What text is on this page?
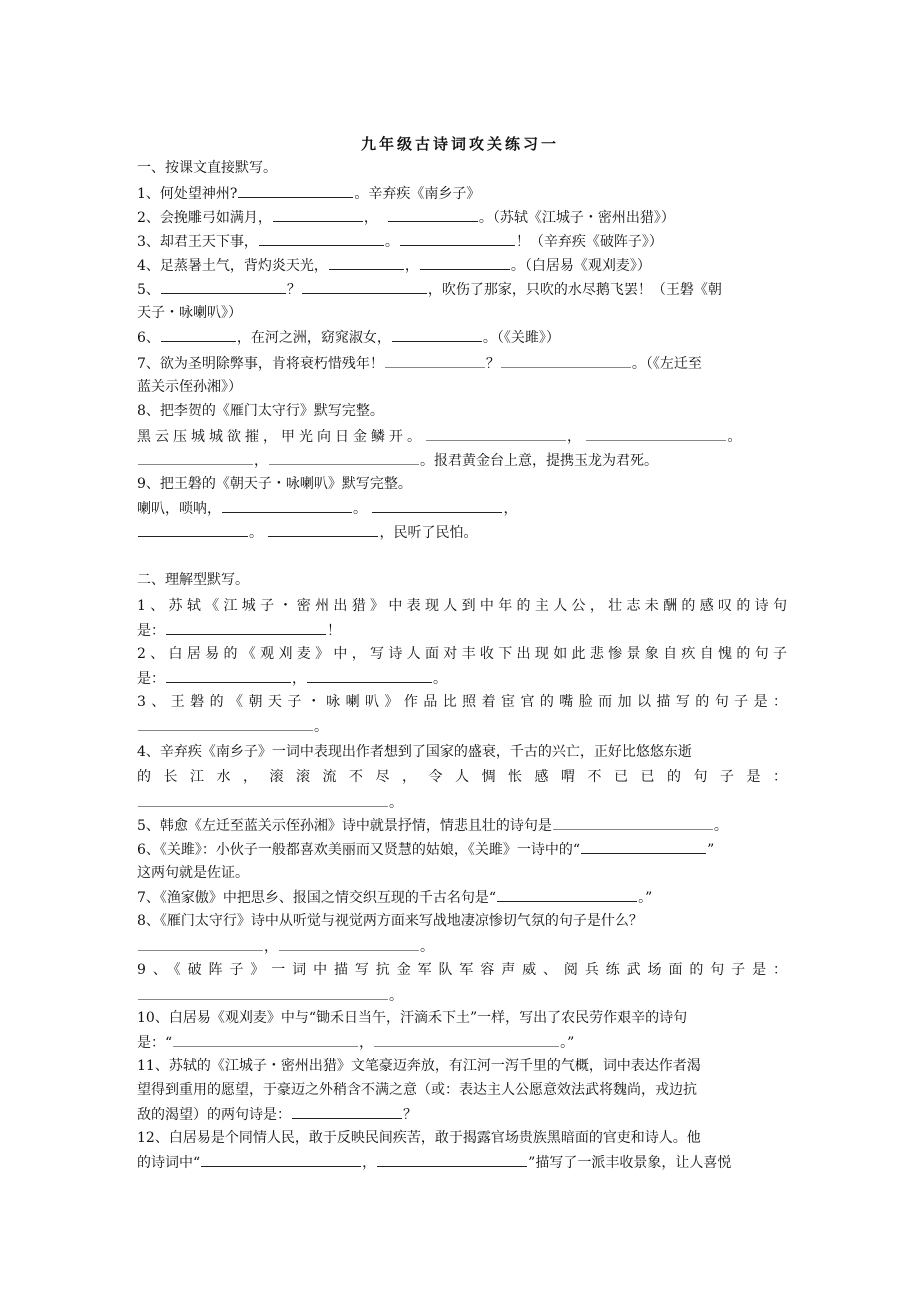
九年级古诗词攻关练习一
一、按课文直接默写。
1、何处望神州?	。辛弃疾《南乡子》
2、会挽雕弓如满月，	，	。（苏轼《江城子・密州出猎》）
3、却君王天下事，	。	！（辛弃疾《破阵子》）
4、足蒸暑土气，背灼炎天光，	，	。（白居易《观刈麦》）
5、	？	，吹伤了那家，只吹的水尽鹅飞罢！（王磐《朝
天子・咏喇叭》）
6、	，在河之洲，窈窕淑女，	。（《关雎》）
7、欲为圣明除弊事，肯将衰朽惜残年！	？	。（《左迁至
蓝关示侄孙湘》）
8、把李贺的《雁门太守行》默写完整。
黑云压城城欲摧，甲光向日金鳞开。	，	。
，	。报君黄金台上意，提携玉龙为君死。
9、把王磐的《朝天子・咏喇叭》默写完整。
喇叭，唢呐，	。	，
。	，民听了民怕。
二、理解型默写。
1、苏轼《江城子・密州出猎》中表现人到中年的主人公，壮志未酬的感叹的诗句
是：	！
2、白居易的《观刈麦》中，写诗人面对丰收下出现如此悲惨景象自疚自愧的句子
是：	，	。
3、王磐的《朝天子・咏喇叭》作品比照着宦官的嘴脸而加以描写的句子是：
。
4、辛弃疾《南乡子》一词中表现出作者想到了国家的盛衰，千古的兴亡，正好比悠悠东逝
的长江水，滚滚流不尽，令人惆怅感喟不已已的句子是：
。
5、韩愈《左迁至蓝关示侄孙湘》诗中就景抒情，情悲且壮的诗句是	。
6、《关雎》：小伙子一般都喜欢美丽而又贤慧的姑娘，《关雎》一诗中的“	”
这两句就是佐证。
7、《渔家傲》中把思乡、报国之情交织互现的千古名句是“	。”
8、《雁门太守行》诗中从听觉与视觉两方面来写战地凄凉惨切气氛的句子是什么？
，	。
9、《破阵子》一词中描写抗金军队军容声威、阅兵练武场面的句子是：
。
10、白居易《观刈麦》中与“锄禾日当午，汗滴禾下土”一样，写出了农民劳作艰辛的诗句
是：“	，	。”
11、苏轼的《江城子・密州出猎》文笔豪迈奔放，有江河一泻千里的气概，词中表达作者渴
望得到重用的愿望，于豪迈之外稍含不满之意（或：表达主人公愿意效法武将魏尚，戎边抗
敌的渴望）的两句诗是：	？
12、白居易是个同情人民，敢于反映民间疾苦，敢于揭露官场贵族黑暗面的官吏和诗人。他
的诗词中“	，	”描写了一派丰收景象，让人喜悦
